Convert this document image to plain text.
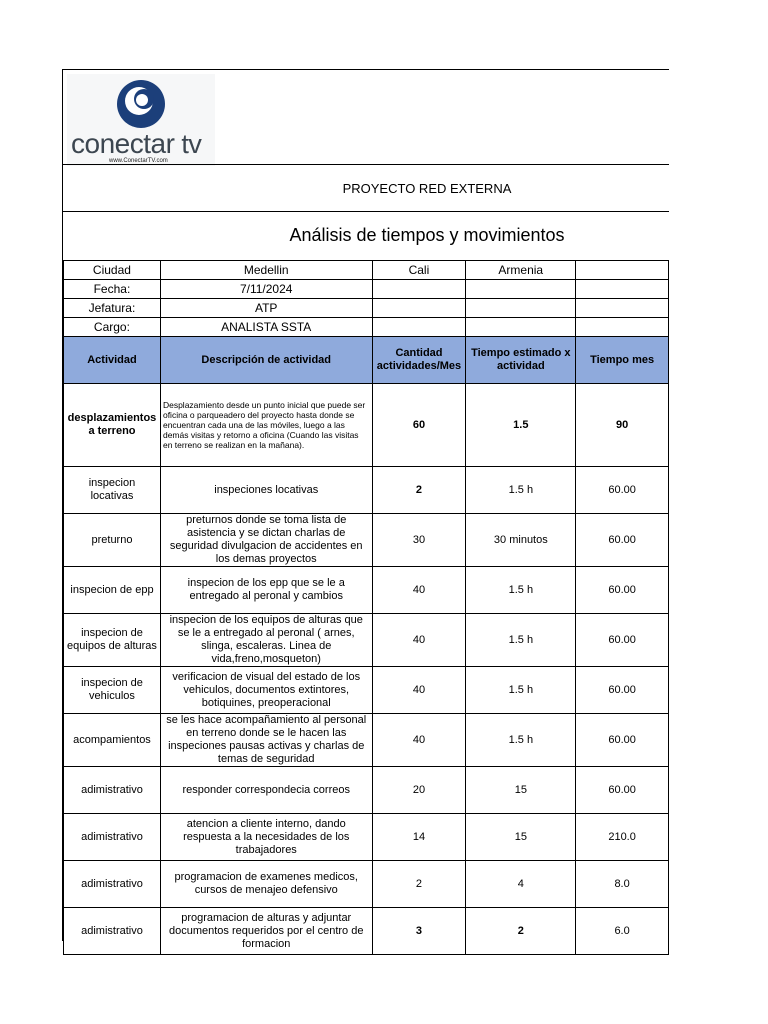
conectar tv
www.ConectarTV.com
PROYECTO RED EXTERNA
Análisis de tiempos y movimientos
Ciudad	Medellin	Cali	Armenia	
Fecha:	7/11/2024			
Jefatura:	ATP			
Cargo:	ANALISTA SSTA			
Actividad	Descripción de actividad	Cantidad actividades/Mes	Tiempo estimado x actividad	Tiempo mes
desplazamientos a terreno	Desplazamiento desde un punto inicial que puede ser oficina o parqueadero del proyecto hasta donde se encuentran cada una de las móviles, luego a las demás visitas y retorno a oficina (Cuando las visitas en terreno se realizan en la mañana).	60	1.5	90
inspecion locativas	inspeciones locativas	2	1.5 h	60.00
preturno	preturnos donde se toma lista de asistencia y se dictan charlas de seguridad divulgacion de accidentes en los demas proyectos	30	30 minutos	60.00
inspecion de epp	inspecion de los epp que se le a entregado al peronal y cambios	40	1.5 h	60.00
inspecion de equipos de alturas	inspecion de los equipos de alturas que se le a entregado al peronal ( arnes, slinga, escaleras. Linea de vida,freno,mosqueton)	40	1.5 h	60.00
inspecion de vehiculos	verificacion de visual del estado de los vehiculos, documentos extintores, botiquines, preoperacional	40	1.5 h	60.00
acompamientos	se les hace acompañamiento al personal en terreno donde se le hacen las inspeciones pausas activas y charlas de temas de seguridad	40	1.5 h	60.00
adimistrativo	responder correspondecia correos	20	15	60.00
adimistrativo	atencion a cliente interno, dando respuesta a la necesidades de los trabajadores	14	15	210.0
adimistrativo	programacion de examenes medicos, cursos de menajeo defensivo	2	4	8.0
adimistrativo	programacion de alturas y adjuntar documentos requeridos por el centro de formacion	3	2	6.0
